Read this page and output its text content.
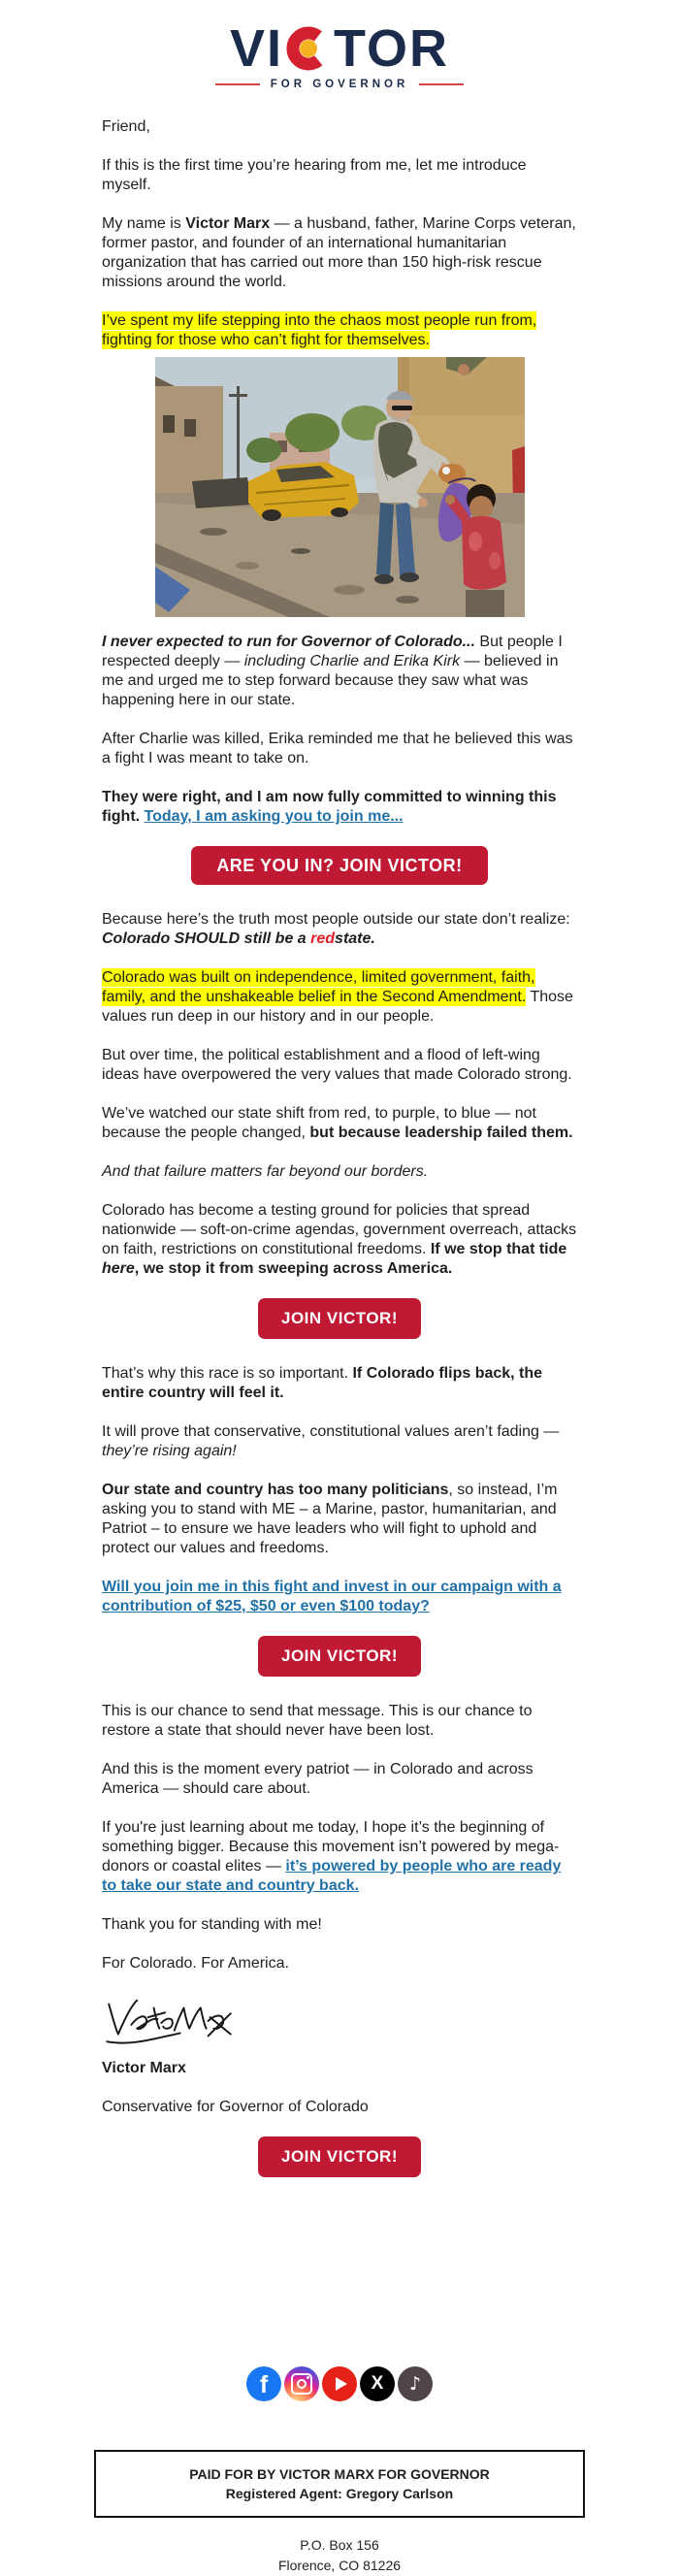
VI TOR
FOR GOVERNOR

Friend,

If this is the first time you’re hearing from me, let me introduce myself.

My name is Victor Marx — a husband, father, Marine Corps veteran, former pastor, and founder of an international humanitarian organization that has carried out more than 150 high-risk rescue missions around the world.

I’ve spent my life stepping into the chaos most people run from, fighting for those who can’t fight for themselves.

I never expected to run for Governor of Colorado... But people I respected deeply — including Charlie and Erika Kirk — believed in me and urged me to step forward because they saw what was happening here in our state.

After Charlie was killed, Erika reminded me that he believed this was a fight I was meant to take on.

They were right, and I am now fully committed to winning this fight. Today, I am asking you to join me...

ARE YOU IN? JOIN VICTOR!

Because here’s the truth most people outside our state don’t realize: Colorado SHOULD still be a redstate.

Colorado was built on independence, limited government, faith, family, and the unshakeable belief in the Second Amendment. Those values run deep in our history and in our people.

But over time, the political establishment and a flood of left-wing ideas have overpowered the very values that made Colorado strong.

We’ve watched our state shift from red, to purple, to blue — not because the people changed, but because leadership failed them.

And that failure matters far beyond our borders.

Colorado has become a testing ground for policies that spread nationwide — soft-on-crime agendas, government overreach, attacks on faith, restrictions on constitutional freedoms. If we stop that tide here, we stop it from sweeping across America.

JOIN VICTOR!

That’s why this race is so important. If Colorado flips back, the entire country will feel it.

It will prove that conservative, constitutional values aren’t fading — they’re rising again!

Our state and country has too many politicians, so instead, I’m asking you to stand with ME – a Marine, pastor, humanitarian, and Patriot – to ensure we have leaders who will fight to uphold and protect our values and freedoms.

Will you join me in this fight and invest in our campaign with a contribution of $25, $50 or even $100 today?

JOIN VICTOR!

This is our chance to send that message. This is our chance to restore a state that should never have been lost.

And this is the moment every patriot — in Colorado and across America — should care about.

If you're just learning about me today, I hope it’s the beginning of something bigger. Because this movement isn’t powered by mega-donors or coastal elites — it’s powered by people who are ready to take our state and country back.

Thank you for standing with me!

For Colorado. For America.

Victor Marx

Conservative for Governor of Colorado

JOIN VICTOR!
f	X ♪
PAID FOR BY VICTOR MARX FOR GOVERNOR
Registered Agent: Gregory Carlson
P.O. Box 156
Florence, CO 81226
